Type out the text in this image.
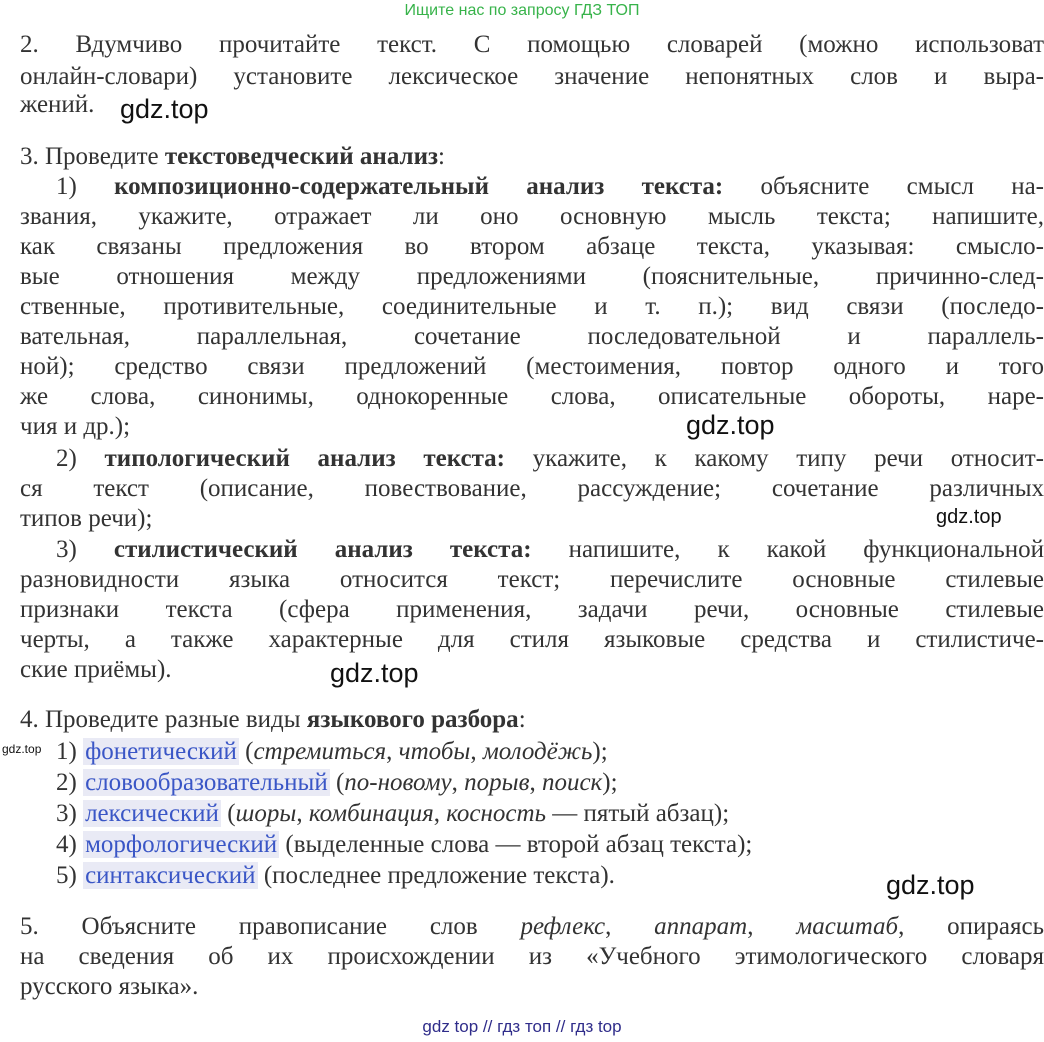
Ищите нас по запросу ГДЗ ТОП
2. Вдумчиво прочитайте текст. С помощью словарей (можно использоват
онлайн-словари) установите лексическое значение непонятных слов и выра-
жений. gdz.top
3. Проведите текстоведческий анализ:
1) композиционно-содержательный анализ текста: объясните смысл на-
звания, укажите, отражает ли оно основную мысль текста; напишите,
как связаны предложения во втором абзаце текста, указывая: смысло-
вые отношения между предложениями (пояснительные, причинно-след-
ственные, противительные, соединительные и т. п.); вид связи (последо-
вательная, параллельная, сочетание последовательной и параллель-
ной); средство связи предложений (местоимения, повтор одного и того
же слова, синонимы, однокоренные слова, описательные обороты, наре-
чия и др.);	gdz.top
2) типологический анализ текста: укажите, к какому типу речи относит-
ся текст (описание, повествование, рассуждение; сочетание различных
типов речи);	gdz.top
3) стилистический анализ текста: напишите, к какой функциональной
разновидности языка относится текст; перечислите основные стилевые
признаки текста (сфера применения, задачи речи, основные стилевые
черты, а также характерные для стиля языковые средства и стилистиче-
ские приёмы).	gdz.top
4. Проведите разные виды языкового разбора:
gdz.top 1) фонетический (стремиться, чтобы, молодёжь);
2) словообразовательный (по-новому, порыв, поиск);
3) лексический (шоры, комбинация, косность — пятый абзац);
4) морфологический (выделенные слова — второй абзац текста);
5) синтаксический (последнее предложение текста).	gdz.top
5. Объясните правописание слов рефлекс, аппарат, масштаб, опираясь
на сведения об их происхождении из «Учебного этимологического словаря
русского языка».
gdz top // гдз топ // гдз top
